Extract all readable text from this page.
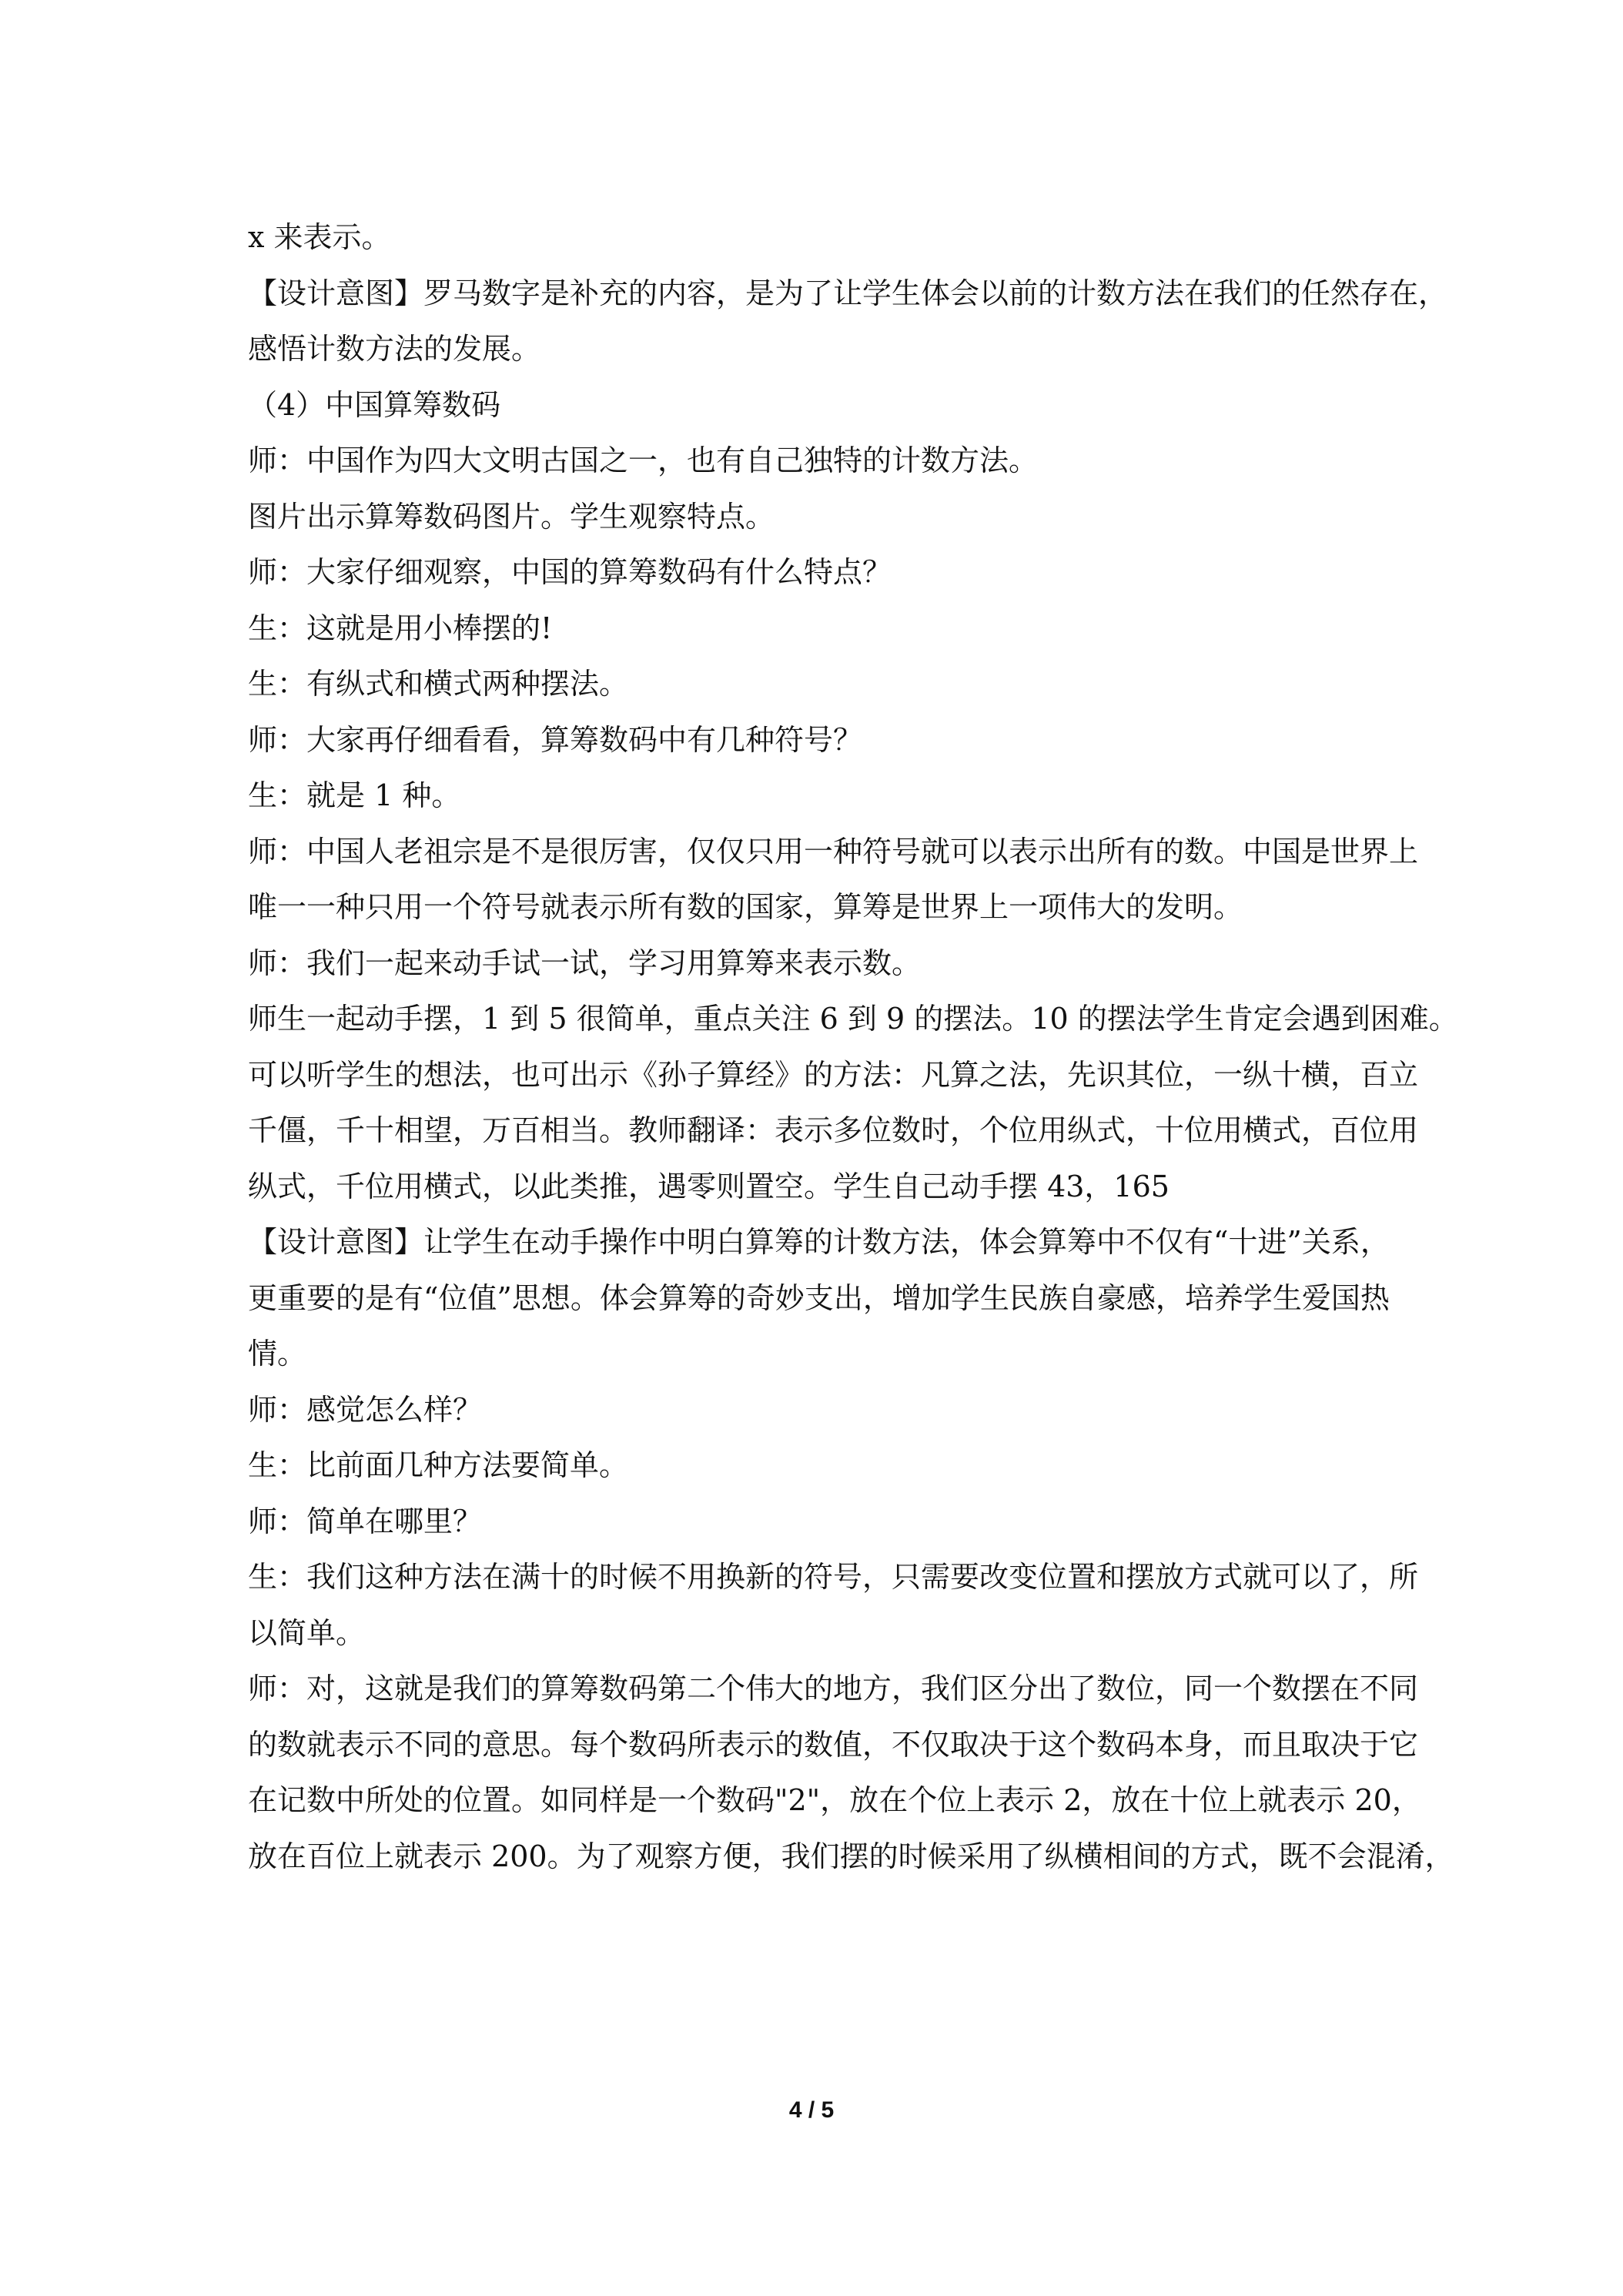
x 来表示。
【设计意图】罗马数字是补充的内容，是为了让学生体会以前的计数方法在我们的任然存在，
感悟计数方法的发展。
（4）中国算筹数码
师：中国作为四大文明古国之一，也有自己独特的计数方法。
图片出示算筹数码图片。学生观察特点。
师：大家仔细观察，中国的算筹数码有什么特点？
生：这就是用小棒摆的!
生：有纵式和横式两种摆法。
师：大家再仔细看看，算筹数码中有几种符号？
生：就是 1 种。
师：中国人老祖宗是不是很厉害，仅仅只用一种符号就可以表示出所有的数。中国是世界上
唯一一种只用一个符号就表示所有数的国家，算筹是世界上一项伟大的发明。
师：我们一起来动手试一试，学习用算筹来表示数。
师生一起动手摆，1 到 5 很简单，重点关注 6 到 9 的摆法。10 的摆法学生肯定会遇到困难。
可以听学生的想法，也可出示《孙子算经》的方法：凡算之法，先识其位，一纵十横，百立
千僵，千十相望，万百相当。教师翻译：表示多位数时，个位用纵式，十位用横式，百位用
纵式，千位用横式，以此类推，遇零则置空。学生自己动手摆 43，165
【设计意图】让学生在动手操作中明白算筹的计数方法，体会算筹中不仅有“十进”关系，
更重要的是有“位值”思想。体会算筹的奇妙支出，增加学生民族自豪感，培养学生爱国热
情。
师：感觉怎么样？
生：比前面几种方法要简单。
师：简单在哪里？
生：我们这种方法在满十的时候不用换新的符号，只需要改变位置和摆放方式就可以了，所
以简单。
师：对，这就是我们的算筹数码第二个伟大的地方，我们区分出了数位，同一个数摆在不同
的数就表示不同的意思。每个数码所表示的数值，不仅取决于这个数码本身，而且取决于它
在记数中所处的位置。如同样是一个数码"2"，放在个位上表示 2，放在十位上就表示 20，
放在百位上就表示 200。为了观察方便，我们摆的时候采用了纵横相间的方式，既不会混淆，
4 / 5
